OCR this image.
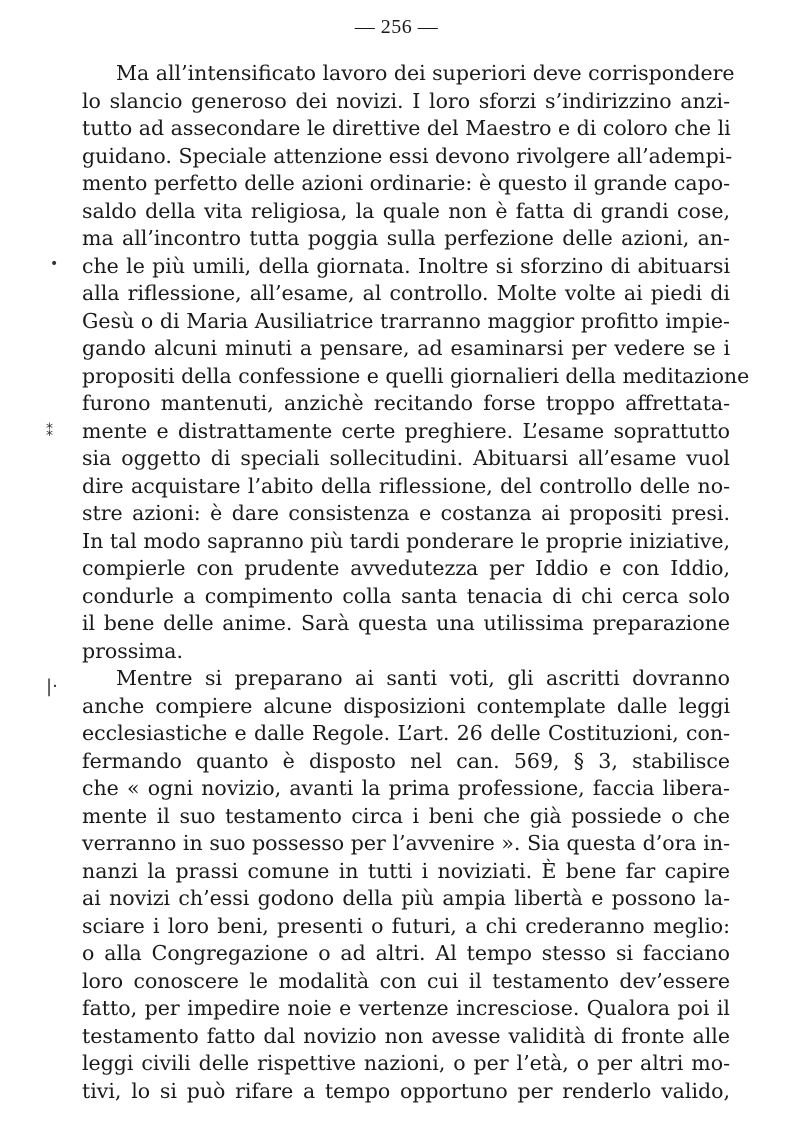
— 256 —
•
⁑
|·
Ma all’intensificato lavoro dei superiori deve corrispondere
lo slancio generoso dei novizi. I loro sforzi s’indirizzino anzi-
tutto ad assecondare le direttive del Maestro e di coloro che li
guidano. Speciale attenzione essi devono rivolgere all’adempi-
mento perfetto delle azioni ordinarie: è questo il grande capo-
saldo della vita religiosa, la quale non è fatta di grandi cose,
ma all’incontro tutta poggia sulla perfezione delle azioni, an-
che le più umili, della giornata. Inoltre si sforzino di abituarsi
alla riflessione, all’esame, al controllo. Molte volte ai piedi di
Gesù o di Maria Ausiliatrice trarranno maggior profitto impie-
gando alcuni minuti a pensare, ad esaminarsi per vedere se i
propositi della confessione e quelli giornalieri della meditazione
furono mantenuti, anzichè recitando forse troppo affrettata-
mente e distrattamente certe preghiere. L’esame soprattutto
sia oggetto di speciali sollecitudini. Abituarsi all’esame vuol
dire acquistare l’abito della riflessione, del controllo delle no-
stre azioni: è dare consistenza e costanza ai propositi presi.
In tal modo sapranno più tardi ponderare le proprie iniziative,
compierle con prudente avvedutezza per Iddio e con Iddio,
condurle a compimento colla santa tenacia di chi cerca solo
il bene delle anime. Sarà questa una utilissima preparazione
prossima.
Mentre si preparano ai santi voti, gli ascritti dovranno
anche compiere alcune disposizioni contemplate dalle leggi
ecclesiastiche e dalle Regole. L’art. 26 delle Costituzioni, con-
fermando quanto è disposto nel can. 569, § 3, stabilisce
che « ogni novizio, avanti la prima professione, faccia libera-
mente il suo testamento circa i beni che già possiede o che
verranno in suo possesso per l’avvenire ». Sia questa d’ora in-
nanzi la prassi comune in tutti i noviziati. È bene far capire
ai novizi ch’essi godono della più ampia libertà e possono la-
sciare i loro beni, presenti o futuri, a chi crederanno meglio:
o alla Congregazione o ad altri. Al tempo stesso si facciano
loro conoscere le modalità con cui il testamento dev’essere
fatto, per impedire noie e vertenze incresciose. Qualora poi il
testamento fatto dal novizio non avesse validità di fronte alle
leggi civili delle rispettive nazioni, o per l’età, o per altri mo-
tivi, lo si può rifare a tempo opportuno per renderlo valido,
